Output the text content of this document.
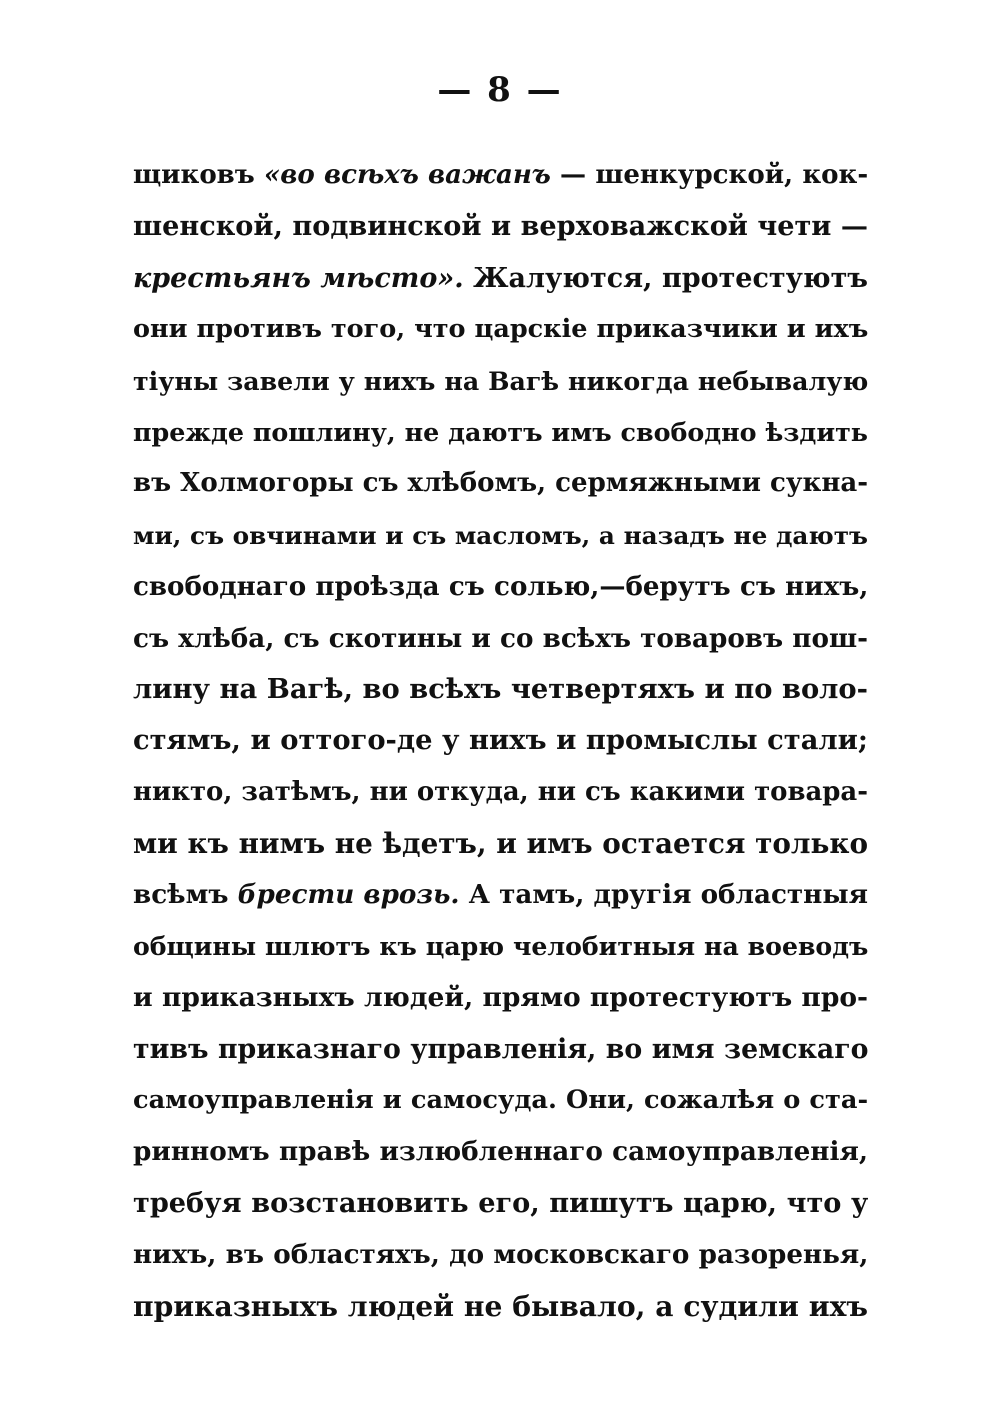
— 8 —
щиковъ «во всѣхъ важанъ — шенкурской, кок-
шенской, подвинской и верховажской чети —
крестьянъ мѣсто». Жалуются, протестуютъ
они противъ того, что царскіе приказчики и ихъ
тіуны завели у нихъ на Вагѣ никогда небывалую
прежде пошлину, не даютъ имъ свободно ѣздить
въ Холмогоры съ хлѣбомъ, сермяжными сукна-
ми, съ овчинами и съ масломъ, а назадъ не даютъ
свободнаго проѣзда съ солью,—берутъ съ нихъ,
съ хлѣба, съ скотины и со всѣхъ товаровъ пош-
лину на Вагѣ, во всѣхъ четвертяхъ и по воло-
стямъ, и оттого-де у нихъ и промыслы стали;
никто, затѣмъ, ни откуда, ни съ какими товара-
ми къ нимъ не ѣдетъ, и имъ остается только
всѣмъ брести врозь. А тамъ, другія областныя
общины шлютъ къ царю челобитныя на воеводъ
и приказныхъ людей, прямо протестуютъ про-
тивъ приказнаго управленія, во имя земскаго
самоуправленія и самосуда. Они, сожалѣя о ста-
ринномъ правѣ излюбленнаго самоуправленія,
требуя возстановить его, пишутъ царю, что у
нихъ, въ областяхъ, до московскаго разоренья,
приказныхъ людей не бывало, а судили ихъ
